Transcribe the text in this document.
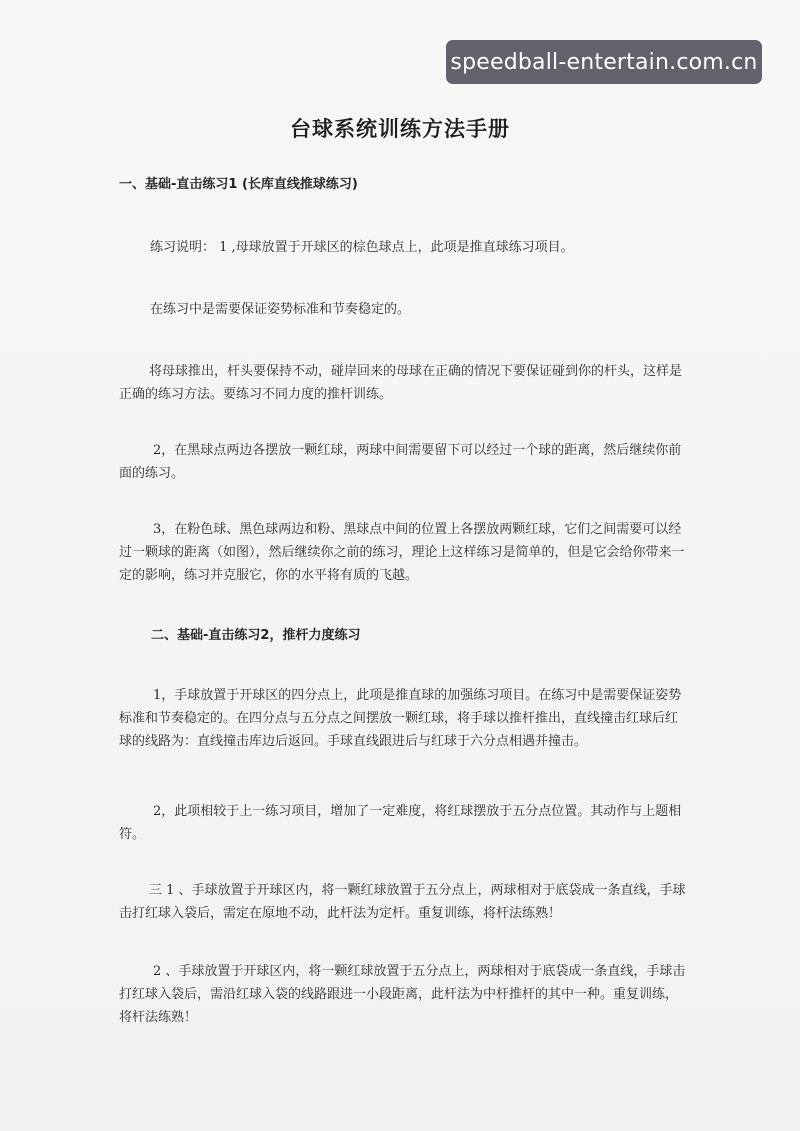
speedball-entertain.com.cn
台球系统训练方法手册
一、基础-直击练习1 (长库直线推球练习)
练习说明： 1 ,母球放置于开球区的棕色球点上，此项是推直球练习项目。
在练习中是需要保证姿势标准和节奏稳定的。
将母球推出，杆头要保持不动，碰岸回来的母球在正确的情况下要保证碰到你的杆头，这样是正确的练习方法。要练习不同力度的推杆训练。
2，在黑球点两边各摆放一颗红球，两球中间需要留下可以经过一个球的距离，然后继续你前面的练习。
3，在粉色球、黑色球两边和粉、黑球点中间的位置上各摆放两颗红球，它们之间需要可以经过一颗球的距离（如图），然后继续你之前的练习，理论上这样练习是简单的，但是它会给你带来一定的影响，练习并克服它，你的水平将有质的飞越。
二、基础-直击练习2，推杆力度练习
1，手球放置于开球区的四分点上，此项是推直球的加强练习项目。在练习中是需要保证姿势标准和节奏稳定的。在四分点与五分点之间摆放一颗红球，将手球以推杆推出，直线撞击红球后红球的线路为：直线撞击库边后返回。手球直线跟进后与红球于六分点相遇并撞击。
2，此项相较于上一练习项目，增加了一定难度，将红球摆放于五分点位置。其动作与上题相符。
三 1 、手球放置于开球区内，将一颗红球放置于五分点上，两球相对于底袋成一条直线，手球击打红球入袋后，需定在原地不动，此杆法为定杆。重复训练，将杆法练熟！
2 、手球放置于开球区内，将一颗红球放置于五分点上，两球相对于底袋成一条直线，手球击打红球入袋后，需沿红球入袋的线路跟进一小段距离，此杆法为中杆推杆的其中一种。重复训练，将杆法练熟！
